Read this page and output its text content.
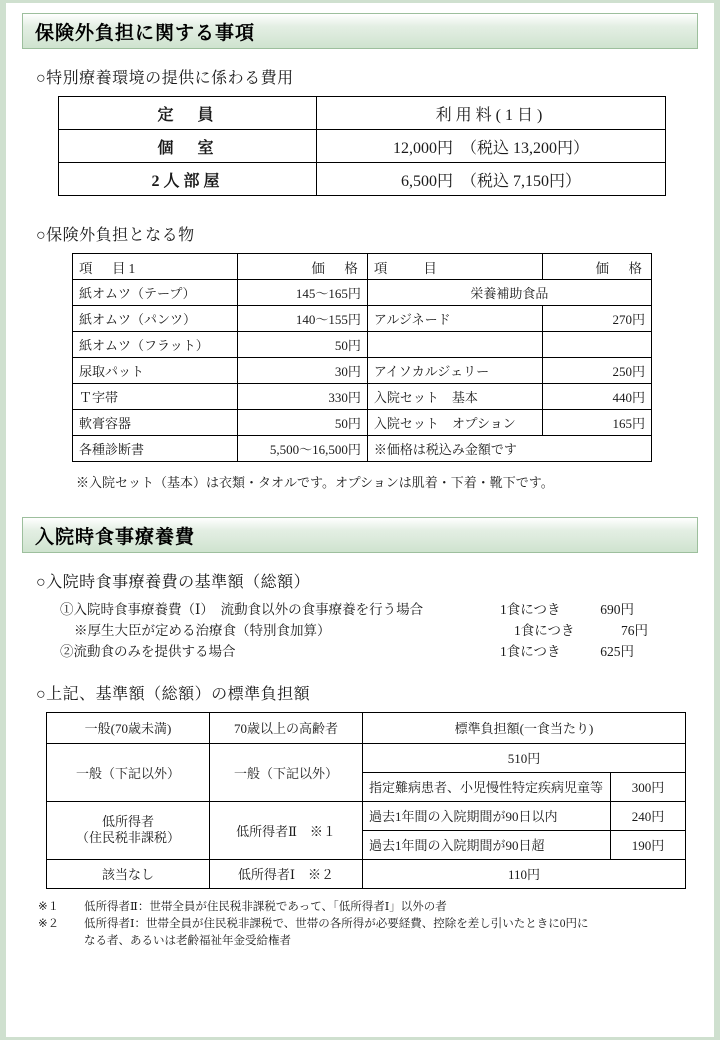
保険外負担に関する事項
○特別療養環境の提供に係わる費用
定　員	利用料(1日)
個　室	12,000円　（税込 13,200円）
2人部屋	6,500円　（税込 7,150円）
○保険外負担となる物
項　目1	価　格	項　　目	価　格
紙オムツ（テープ）	145〜165円	栄養補助食品	
紙オムツ（パンツ）	140〜155円	アルジネード	270円
紙オムツ（フラット）	50円		
尿取パット	30円	アイソカルジェリー	250円
Ｔ字帯	330円	入院セット　基本	440円
軟膏容器	50円	入院セット　オプション	165円
各種診断書	5,500〜16,500円	※価格は税込み金額です	
※入院セット（基本）は衣類・タオルです。オプションは肌着・下着・靴下です。
入院時食事療養費
○入院時食事療養費の基準額（総額）
①入院時食事療養費（Ⅰ）　流動食以外の食事療養を行う場合	1食につき	690円
※厚生大臣が定める治療食（特別食加算）	1食につき	76円
②流動食のみを提供する場合	1食につき	625円
○上記、基準額（総額）の標準負担額
一般(70歳未満)	70歳以上の高齢者	標準負担額(一食当たり)	
一般（下記以外）	一般（下記以外）	510円	
		指定難病患者、小児慢性特定疾病児童等	300円
低所得者
（住民税非課税）	低所得者Ⅱ　※１	過去1年間の入院期間が90日以内	240円
		過去1年間の入院期間が90日超	190円
該当なし	低所得者Ⅰ　※２	110円	
※１	低所得者Ⅱ：世帯全員が住民税非課税であって、「低所得者Ⅰ」以外の者
※２	低所得者Ⅰ：世帯全員が住民税非課税で、世帯の各所得が必要経費、控除を差し引いたときに0円に
なる者、あるいは老齢福祉年金受給権者
